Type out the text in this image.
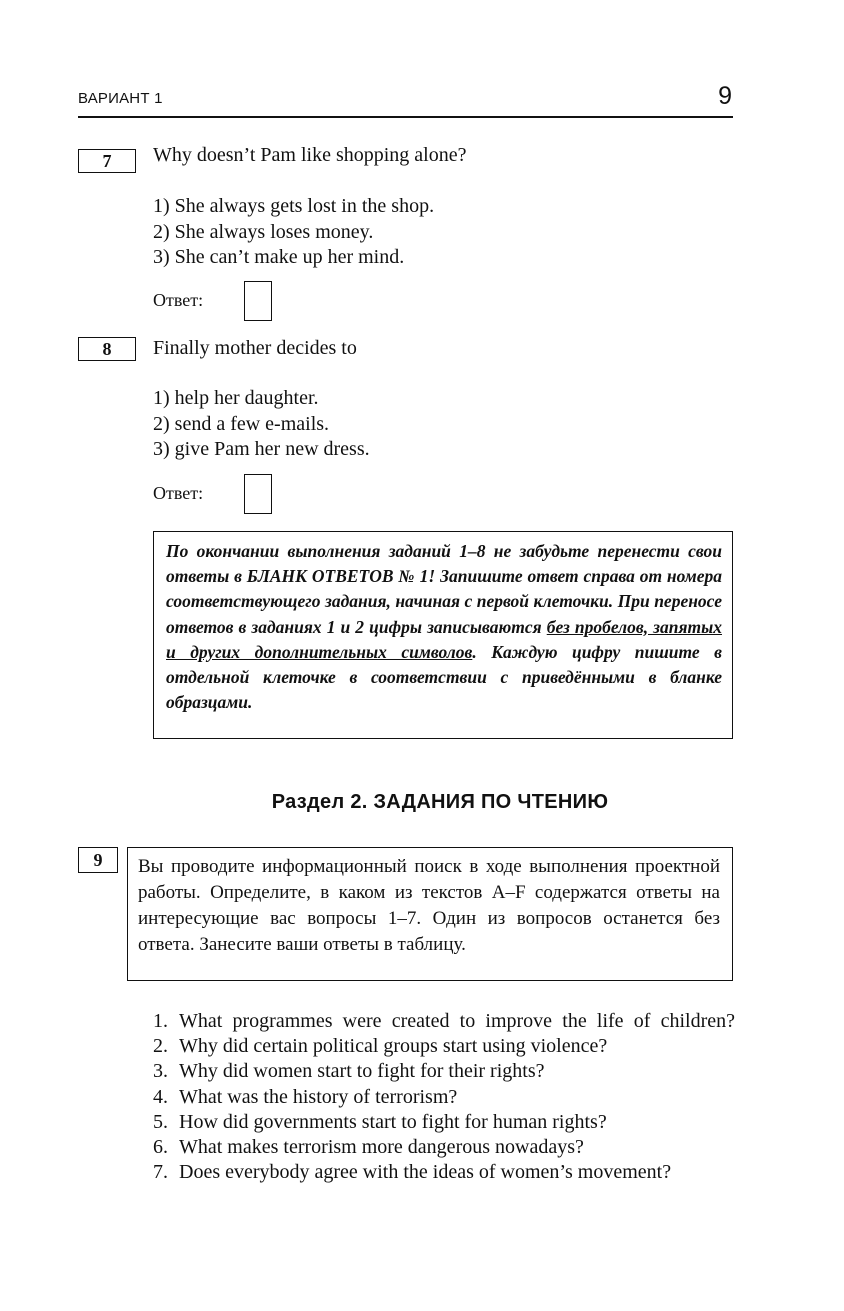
ВАРИАНТ 1	9
7	Why doesn’t Pam like shopping alone?
1) She always gets lost in the shop.
2) She always loses money.
3) She can’t make up her mind.
Ответ:
8	Finally mother decides to
1) help her daughter.
2) send a few e-mails.
3) give Pam her new dress.
Ответ:
По окончании выполнения заданий 1–8 не забудьте перенести свои ответы в БЛАНК ОТВЕТОВ № 1! Запишите ответ справа от номера соответствующего задания, начиная с первой клеточки. При переносе ответов в заданиях 1 и 2 цифры записываются без пробелов, запятых и других дополнительных символов. Каждую цифру пишите в отдельной клеточке в соответствии с приведёнными в бланке образцами.
Раздел 2. ЗАДАНИЯ ПО ЧТЕНИЮ
9	Вы проводите информационный поиск в ходе выполнения проектной работы. Определите, в каком из текстов A–F содержатся ответы на интересующие вас вопросы 1–7. Один из вопросов останется без ответа. Занесите ваши ответы в таблицу.
1. What programmes were created to improve the life of children?
2. Why did certain political groups start using violence?
3. Why did women start to fight for their rights?
4. What was the history of terrorism?
5. How did governments start to fight for human rights?
6. What makes terrorism more dangerous nowadays?
7. Does everybody agree with the ideas of women’s movement?
